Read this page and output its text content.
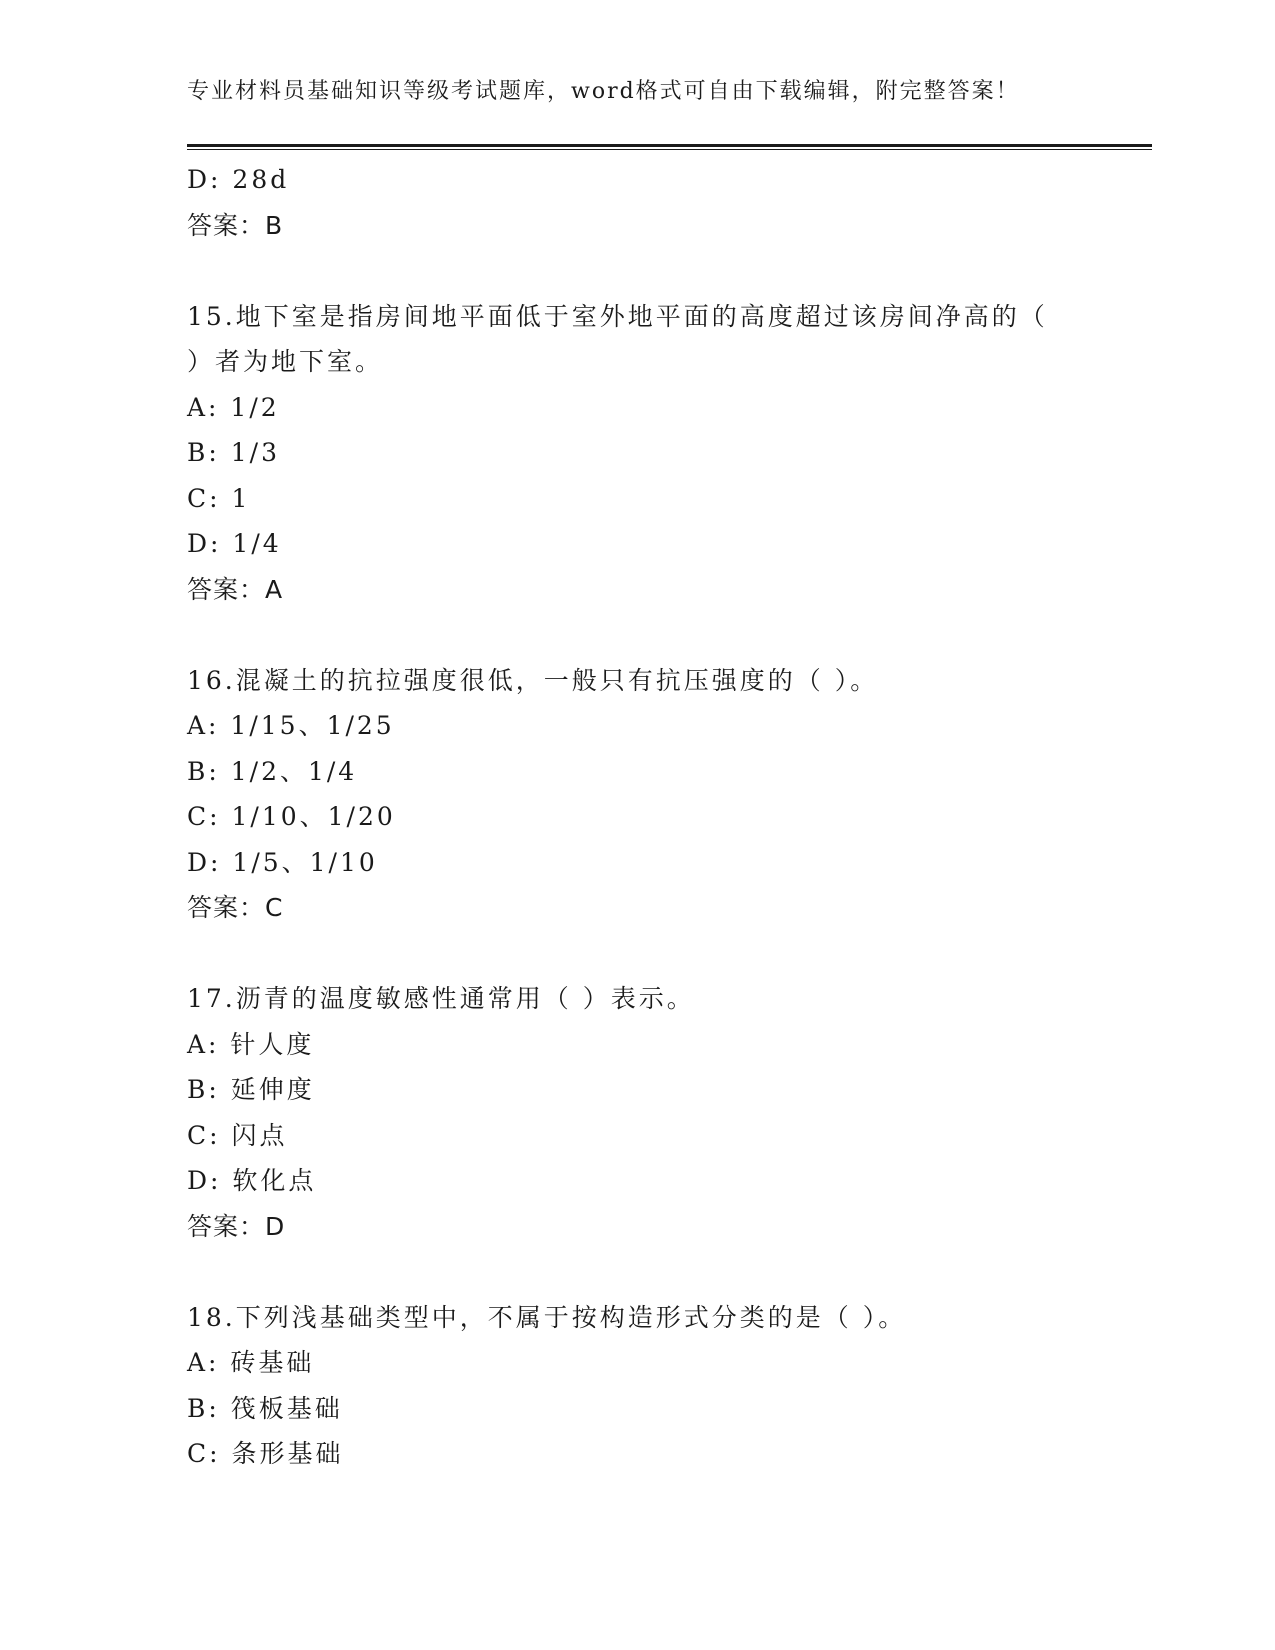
专业材料员基础知识等级考试题库，word格式可自由下载编辑，附完整答案！
D: 28d
答案：B
15.地下室是指房间地平面低于室外地平面的高度超过该房间净高的（
）者为地下室。
A: 1/2
B: 1/3
C: 1
D: 1/4
答案：A
16.混凝土的抗拉强度很低，一般只有抗压强度的（ ）。
A: 1/15、1/25
B: 1/2、1/4
C: 1/10、1/20
D: 1/5、1/10
答案：C
17.沥青的温度敏感性通常用（ ）表示。
A: 针人度
B: 延伸度
C: 闪点
D: 软化点
答案：D
18.下列浅基础类型中，不属于按构造形式分类的是（ ）。
A: 砖基础
B: 筏板基础
C: 条形基础
